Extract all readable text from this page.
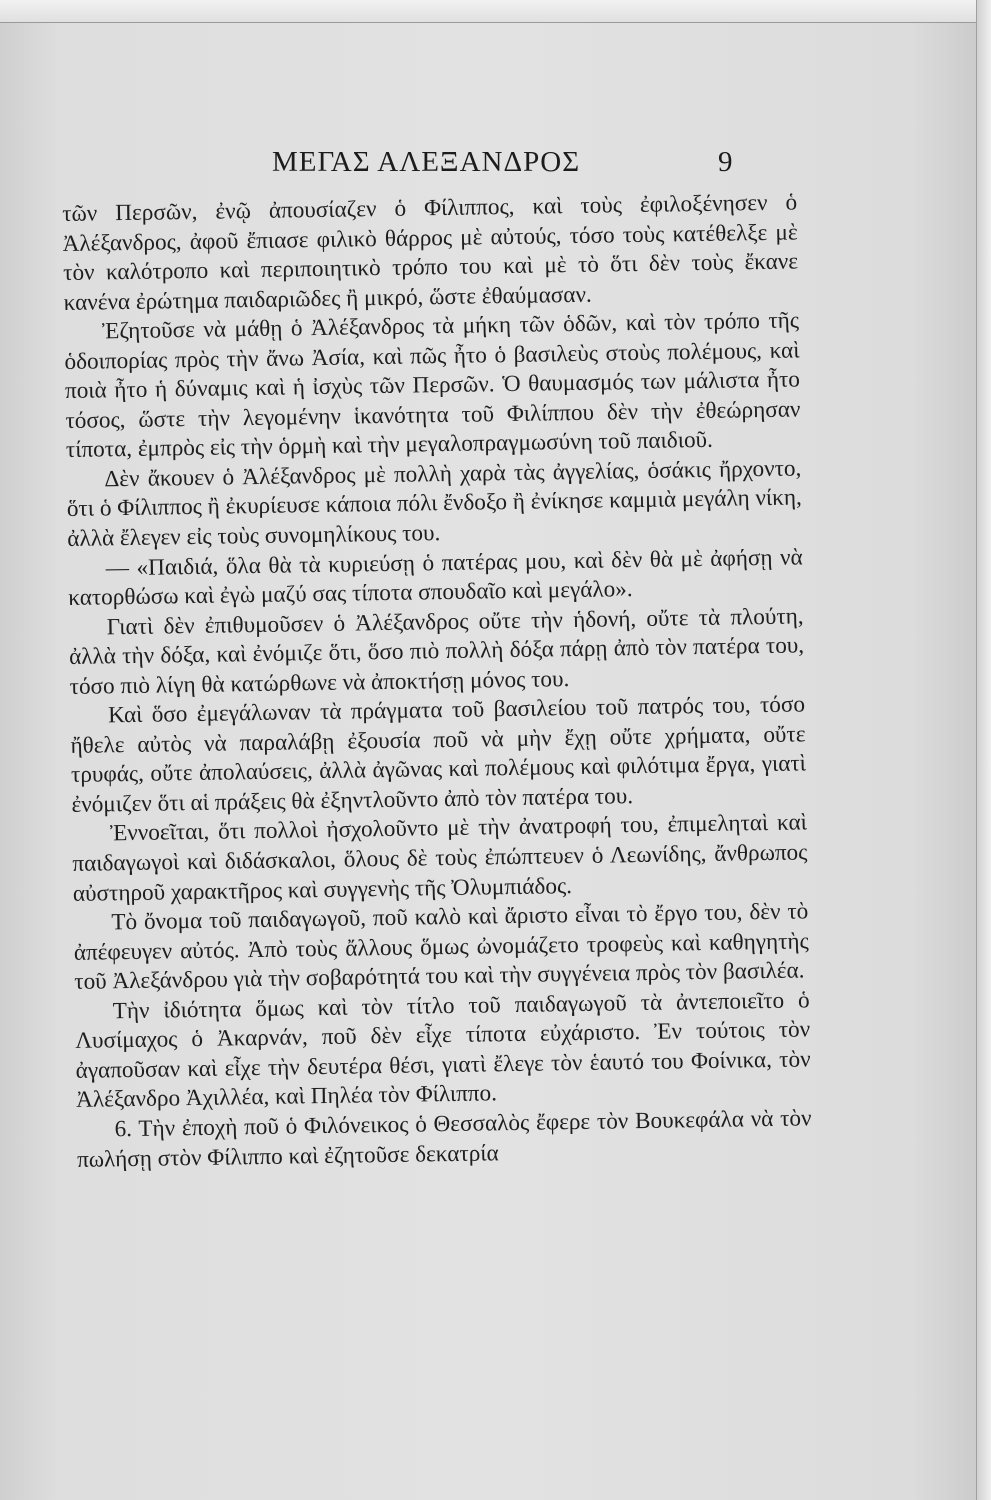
ΜΕΓΑΣ ΑΛΕΞΑΝΔΡΟΣ	9

τῶν Περσῶν, ἐνῷ ἀπουσίαζεν ὁ Φίλιππος, καὶ τοὺς ἐφιλοξένησεν ὁ Ἀλέξανδρος, ἀφοῦ ἔπιασε φιλικὸ θάρρος μὲ αὐτούς, τόσο τοὺς κατέθελξε μὲ τὸν καλότροπο καὶ περιποιητικὸ τρόπο του καὶ μὲ τὸ ὅτι δὲν τοὺς ἔκανε κανένα ἐρώτημα παιδαριῶδες ἢ μικρό, ὥστε ἐθαύμασαν.

Ἐζητοῦσε νὰ μάθῃ ὁ Ἀλέξανδρος τὰ μήκη τῶν ὁδῶν, καὶ τὸν τρόπο τῆς ὁδοιπορίας πρὸς τὴν ἄνω Ἀσία, καὶ πῶς ἦτο ὁ βασιλεὺς στοὺς πολέμους, καὶ ποιὰ ἦτο ἡ δύναμις καὶ ἡ ἰσχὺς τῶν Περσῶν. Ὁ θαυμασμός των μάλιστα ἦτο τόσος, ὥστε τὴν λεγομένην ἱκανότητα τοῦ Φιλίππου δὲν τὴν ἐθεώρησαν τίποτα, ἐμπρὸς εἰς τὴν ὁρμὴ καὶ τὴν μεγαλοπραγμωσύνη τοῦ παιδιοῦ.

Δὲν ἄκουεν ὁ Ἀλέξανδρος μὲ πολλὴ χαρὰ τὰς ἀγγελίας, ὁσάκις ἤρχοντο, ὅτι ὁ Φίλιππος ἢ ἐκυρίευσε κάποια πόλι ἔνδοξο ἢ ἐνίκησε καμμιὰ μεγάλη νίκη, ἀλλὰ ἔλεγεν εἰς τοὺς συνομηλίκους του.

— «Παιδιά, ὅλα θὰ τὰ κυριεύσῃ ὁ πατέρας μου, καὶ δὲν θὰ μὲ ἀφήσῃ νὰ κατορθώσω καὶ ἐγὼ μαζύ σας τίποτα σπουδαῖο καὶ μεγάλο».

Γιατὶ δὲν ἐπιθυμοῦσεν ὁ Ἀλέξανδρος οὔτε τὴν ἡδονή, οὔτε τὰ πλούτη, ἀλλὰ τὴν δόξα, καὶ ἐνόμιζε ὅτι, ὅσο πιὸ πολλὴ δόξα πάρῃ ἀπὸ τὸν πατέρα του, τόσο πιὸ λίγη θὰ κατώρθωνε νὰ ἀποκτήσῃ μόνος του.

Καὶ ὅσο ἐμεγάλωναν τὰ πράγματα τοῦ βασιλείου τοῦ πατρός του, τόσο ἤθελε αὐτὸς νὰ παραλάβῃ ἐξουσία ποῦ νὰ μὴν ἔχῃ οὔτε χρήματα, οὔτε τρυφάς, οὔτε ἀπολαύσεις, ἀλλὰ ἀγῶνας καὶ πολέμους καὶ φιλότιμα ἔργα, γιατὶ ἐνόμιζεν ὅτι αἱ πράξεις θὰ ἐξηντλοῦντο ἀπὸ τὸν πατέρα του.

Ἐννοεῖται, ὅτι πολλοὶ ἠσχολοῦντο μὲ τὴν ἀνατροφή του, ἐπιμεληταὶ καὶ παιδαγωγοὶ καὶ διδάσκαλοι, ὅλους δὲ τοὺς ἐπώπτευεν ὁ Λεωνίδης, ἄνθρωπος αὐστηροῦ χαρακτῆρος καὶ συγγενὴς τῆς Ὀλυμπιάδος.

Τὸ ὄνομα τοῦ παιδαγωγοῦ, ποῦ καλὸ καὶ ἄριστο εἶναι τὸ ἔργο του, δὲν τὸ ἀπέφευγεν αὐτός. Ἀπὸ τοὺς ἄλλους ὅμως ὠνομάζετο τροφεὺς καὶ καθηγητὴς τοῦ Ἀλεξάνδρου γιὰ τὴν σοβαρότητά του καὶ τὴν συγγένεια πρὸς τὸν βασιλέα.

Τὴν ἰδιότητα ὅμως καὶ τὸν τίτλο τοῦ παιδαγωγοῦ τὰ ἀντεποιεῖτο ὁ Λυσίμαχος ὁ Ἀκαρνάν, ποῦ δὲν εἶχε τίποτα εὐχάριστο. Ἐν τούτοις τὸν ἀγαποῦσαν καὶ εἶχε τὴν δευτέρα θέσι, γιατὶ ἔλεγε τὸν ἑαυτό του Φοίνικα, τὸν Ἀλέξανδρο Ἀχιλλέα, καὶ Πηλέα τὸν Φίλιππο.

6. Τὴν ἐποχὴ ποῦ ὁ Φιλόνεικος ὁ Θεσσαλὸς ἔφερε τὸν Βουκεφάλα νὰ τὸν πωλήσῃ στὸν Φίλιππο καὶ ἐζητοῦσε δεκατρία
